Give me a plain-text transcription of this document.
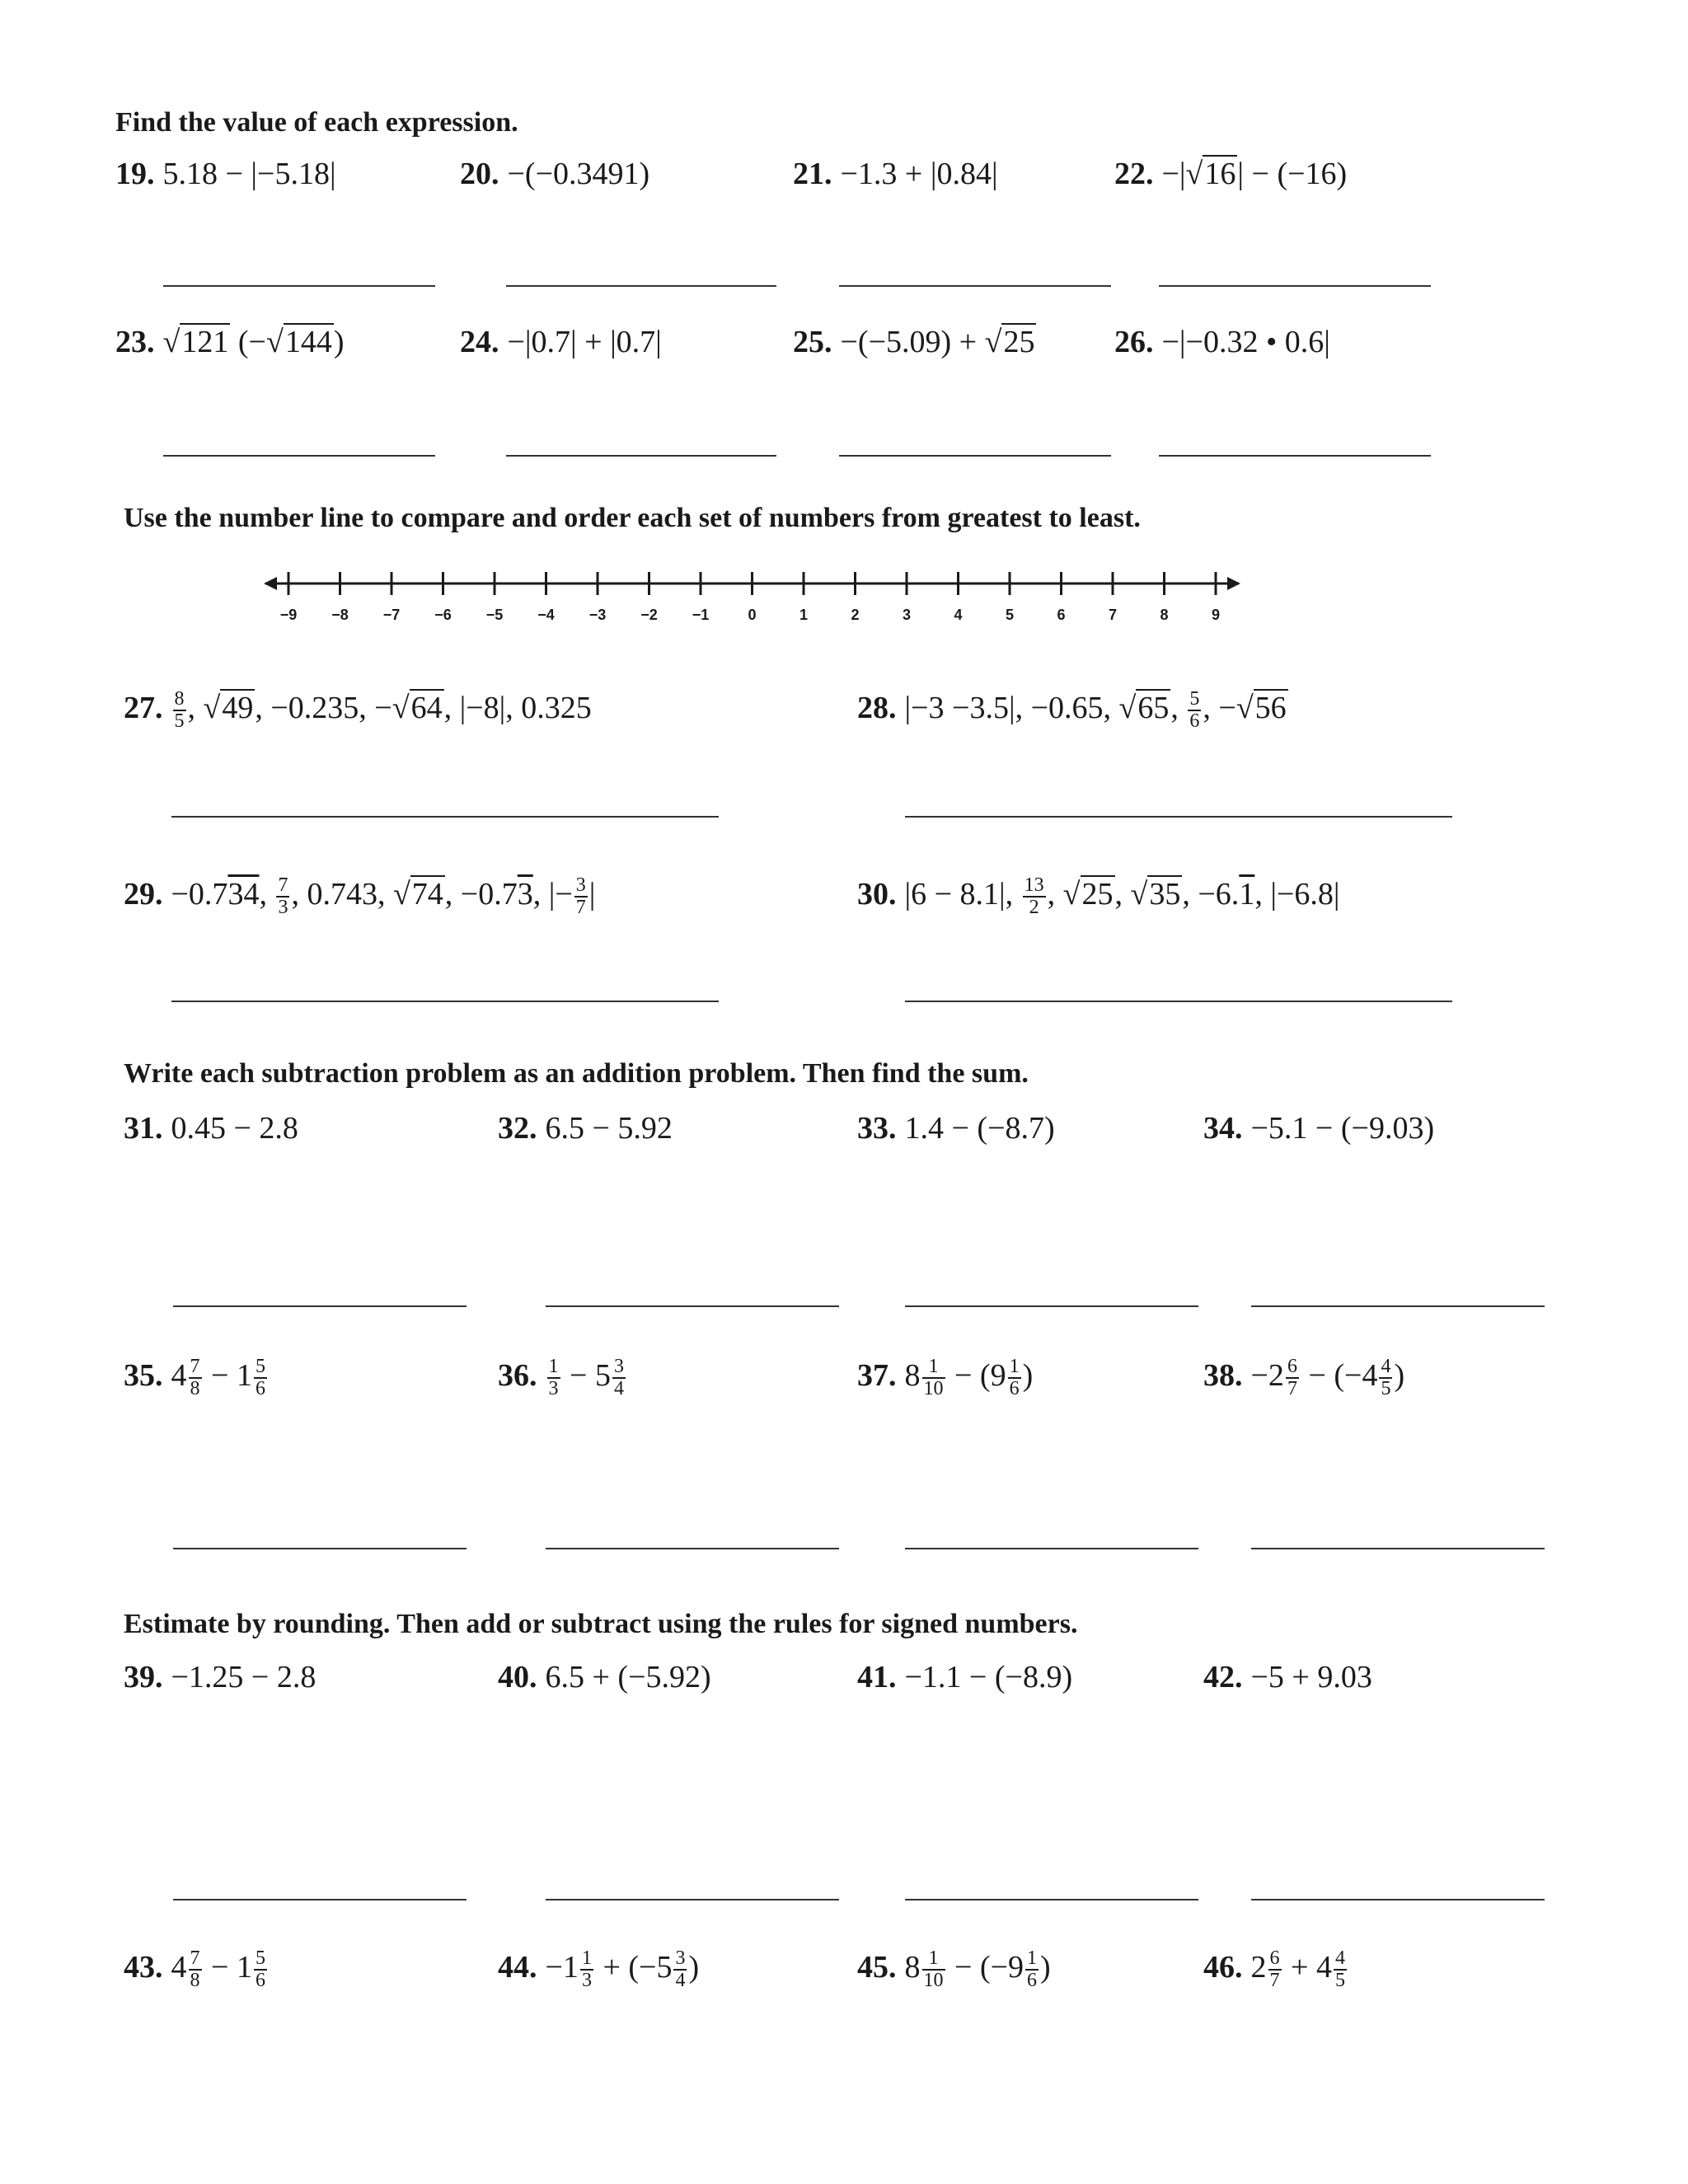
Find the value of each expression.
19. 5.18 − |−5.18|	20. −(−0.3491)	21. −1.3 + |0.84|	22. −|√16| − (−16)
23. √121 (−√144)	24. −|0.7| + |0.7|	25. −(−5.09) + √25	26. −|−0.32 • 0.6|
Use the number line to compare and order each set of numbers from greatest to least.
−9 −8 −7 −6 −5 −4 −3 −2 −1	0	1	2	3	4	5	6	7	8	9
27. $\frac{8}{5}$ , √49, −0.235, −√64, |−8|, 0.325	28. |−3 −3.5|, −0.65, √65, $\frac{5}{6}$ , −√56
29. −0.734, $\frac{7}{3}$ , 0.743, √74, −0.73, |− $\frac{3}{7}$ |	30. |6 − 8.1|, $\frac{13}{2}$ , √25, √35, −6.1, |−6.8|
Write each subtraction problem as an addition problem. Then find the sum.
31. 0.45 − 2.8	32. 6.5 − 5.92	33. 1.4 − (−8.7)	34. −5.1 − (−9.03)
35. $4 \frac{7}{8} - 1 \frac{5}{6}$	36. $\frac{1}{3} - 5 \frac{3}{4}$	37. $8 \frac{1}{10} - (9 \frac{1}{6}$ )	38. $-2 \frac{6}{7} - (-4 \frac{4}{5}$ )
Estimate by rounding. Then add or subtract using the rules for signed numbers.
39. −1.25 − 2.8	40. 6.5 + (−5.92)	41. −1.1 − (−8.9)	42. −5 + 9.03
43. $4 \frac{7}{8} - 1 \frac{5}{6}$	44. $-1 \frac{1}{3} + (-5 \frac{3}{4}$ )	45. $8 \frac{1}{10} - (-9 \frac{1}{6}$ )	46. $2 \frac{6}{7} + 4 \frac{4}{5}$
